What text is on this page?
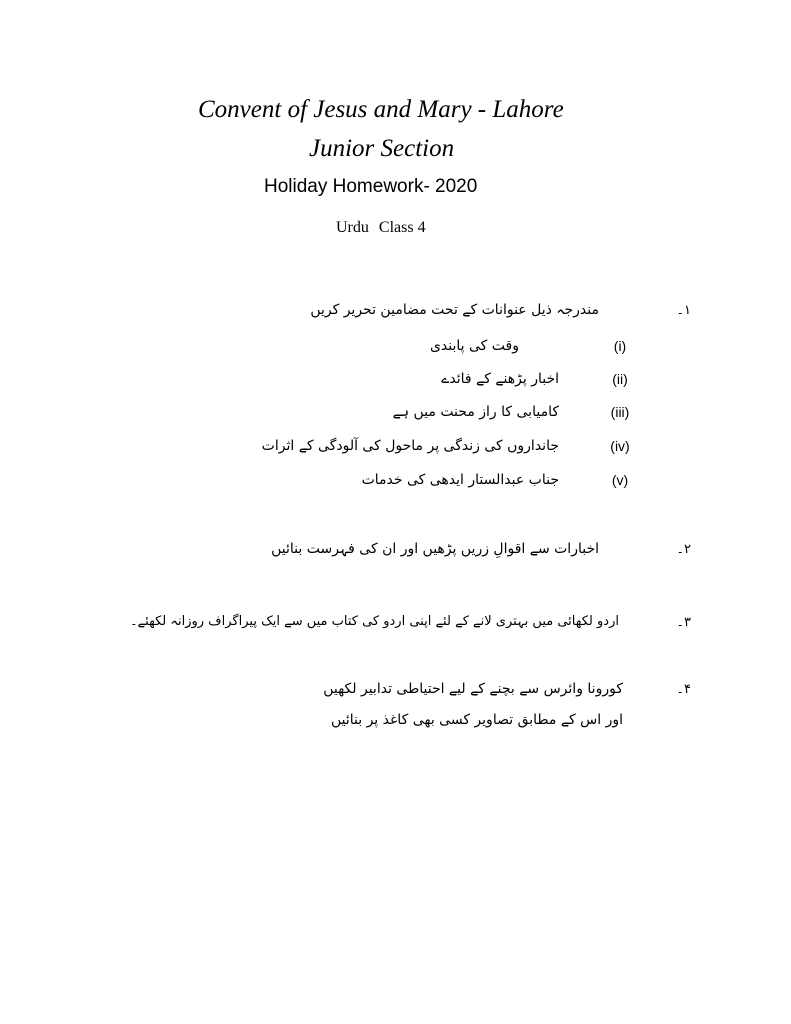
Convent of Jesus and Mary - Lahore
Junior Section
Holiday Homework- 2020
Urdu Class 4
۱۔
مندرجہ ذیل عنوانات کے تحت مضامین تحریر کریں
(i)
وقت کی پابندی
(ii)
اخبار پڑھنے کے فائدے
(iii)
کامیابی کا راز محنت میں ہے
(iv)
جانداروں کی زندگی پر ماحول کی آلودگی کے اثرات
(v)
جناب عبدالستار ایدھی کی خدمات
۲۔
اخبارات سے اقوالِ زریں پڑھیں اور ان کی فہرست بنائیں
۳۔
اردو لکھائی میں بہتری لانے کے لئے اپنی اردو کی کتاب میں سے ایک پیراگراف روزانہ لکھئے۔
۴۔
کورونا وائرس سے بچنے کے لیے احتیاطی تدابیر لکھیں
اور اس کے مطابق تصاویر کسی بھی کاغذ پر بنائیں
